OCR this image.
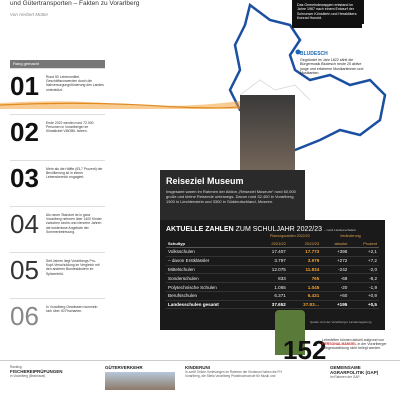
und Gütertransporten – Fakten zu Vorarlberg
Von Herbert Motter
Das Gemeindewappen entstand im Jahre 1967 nach einem Entwurf der Schrunser Künstlerin und Heraldikers Konrad Honold.
BLUDESCH
Gegründet im Jahr 1822 zählt die Bürgermusik Bludesch heute 25 aktive junge und erfahrene Musikantinnen und Musikanten.
Rang gemacht
01 Rund 50 Lebensmittel-Geschäftsvorwerden durch die Nahversorgungsförderung des Landes unterstützt.
02 Ende 2022 werden rund 72.000 Personen in Vorarlberger im Klimaticket VMOBIL fahren.
03 Mehr als die Hälfte (63,7 Prozent) der Bevölkerung ist in einem Lebensbereich engagiert.
04 Als neuer Standort ist in ganz Vorarlberg nehmen über 1400 Kinder zwischen sechs und vierzehn Jahren die kostenlose Angebote der Sommerbetreuung.
05 Seit Jahren liegt Vorarlbergs Pro-Kopf-Verschuldung im Vergleich mit den anderen Bundesländern im Spitzenfeld.
06 In Vorarlberg Gewässern tummeln sich über 40 Fischarten.
Reiseziel Museum
Insgesamt waren im Rahmen der Aktion „Reiseziel Museum“ rund 60.000 große und kleine Reisende unterwegs. Davon rund 32.400 in Vorarlberg, 1900 in Liechtenstein und 3300 in Süddeutschland, Museen.
AKTUELLE ZAHLEN ZUM SCHULJAHR 2022/23 – rund Landesschulen
Planungszahlen 2022/23	Veränderung
Schultyp	2021/22	2022/23	absolut	Prozent
Volksschulen	17.407	17.773	+396	+2,1
– davon Erstklässler	3.797	3.979	+272	+7,2
Mittelschulen	12.075	11.834	-242	-2,0
Sonderschulen	833	765	-68	-8,2
Polytechnische Schulen	1.065	1.045	-20	-1,9
Berufsschulen	6.371	6.431	+60	+0,9
Landesschulen gesamt	37.652	37.83…	+195	+0,5
Quelle: Amt der Vorarlberger Landesregierung
152
Lehrstellen können aktuell aufgrund von PERSONALMANGEL in der Vorarlberger Pflegeausbildung nicht belegt werden.
Ranking
FISCHEREIPRÜFUNGEN
in Vorarlberg (Bezirksrat)
GÜTERVERKEHR	KINDERUNI
In zwölf Online-Vorlesungen im Rahmen der Kinderuni haben die FH Vorarlberg, die Stella Vorarlberg Privathochschule für Musik und
GEMEINSAME AGRARPOLITIK (GAP)
Im Rahmen der GAP-
